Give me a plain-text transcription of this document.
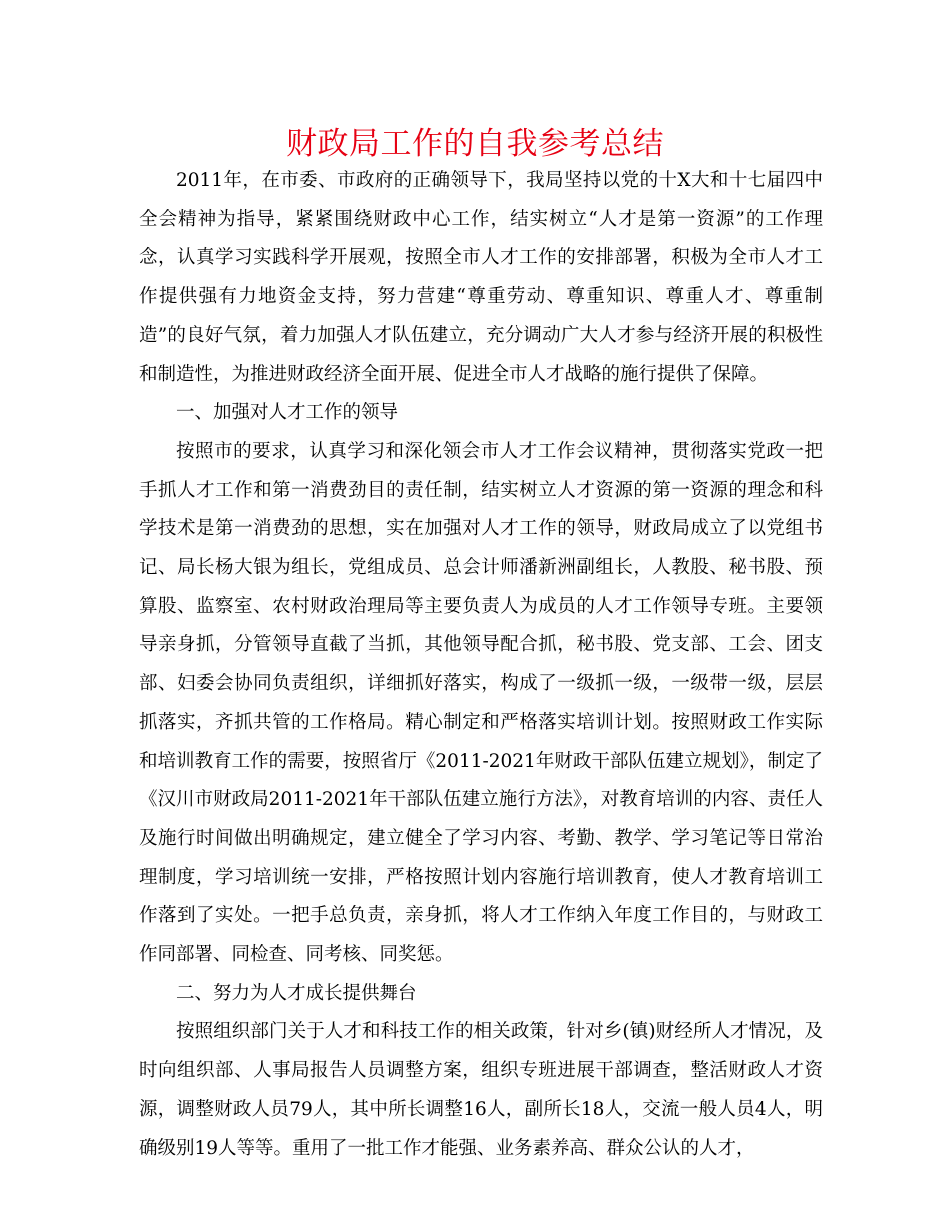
财政局工作的自我参考总结

2011年，在市委、市政府的正确领导下，我局坚持以党的十X大和十七届四中全会精神为指导，紧紧围绕财政中心工作，结实树立“人才是第一资源”的工作理念，认真学习实践科学开展观，按照全市人才工作的安排部署，积极为全市人才工作提供强有力地资金支持，努力营建“尊重劳动、尊重知识、尊重人才、尊重制造”的良好气氛，着力加强人才队伍建立，充分调动广大人才参与经济开展的积极性和制造性，为推进财政经济全面开展、促进全市人才战略的施行提供了保障。

一、加强对人才工作的领导

按照市的要求，认真学习和深化领会市人才工作会议精神，贯彻落实党政一把手抓人才工作和第一消费劲目的责任制，结实树立人才资源的第一资源的理念和科学技术是第一消费劲的思想，实在加强对人才工作的领导，财政局成立了以党组书记、局长杨大银为组长，党组成员、总会计师潘新洲副组长，人教股、秘书股、预算股、监察室、农村财政治理局等主要负责人为成员的人才工作领导专班。主要领导亲身抓，分管领导直截了当抓，其他领导配合抓，秘书股、党支部、工会、团支部、妇委会协同负责组织，详细抓好落实，构成了一级抓一级，一级带一级，层层抓落实，齐抓共管的工作格局。精心制定和严格落实培训计划。按照财政工作实际和培训教育工作的需要，按照省厅《2011-2021年财政干部队伍建立规划》，制定了《汉川市财政局2011-2021年干部队伍建立施行方法》，对教育培训的内容、责任人及施行时间做出明确规定，建立健全了学习内容、考勤、教学、学习笔记等日常治理制度，学习培训统一安排，严格按照计划内容施行培训教育，使人才教育培训工作落到了实处。一把手总负责，亲身抓，将人才工作纳入年度工作目的，与财政工作同部署、同检查、同考核、同奖惩。

二、努力为人才成长提供舞台

按照组织部门关于人才和科技工作的相关政策，针对乡(镇)财经所人才情况，及时向组织部、人事局报告人员调整方案，组织专班进展干部调查，整活财政人才资源，调整财政人员79人，其中所长调整16人，副所长18人，交流一般人员4人，明确级别19人等等。重用了一批工作才能强、业务素养高、群众公认的人才，
